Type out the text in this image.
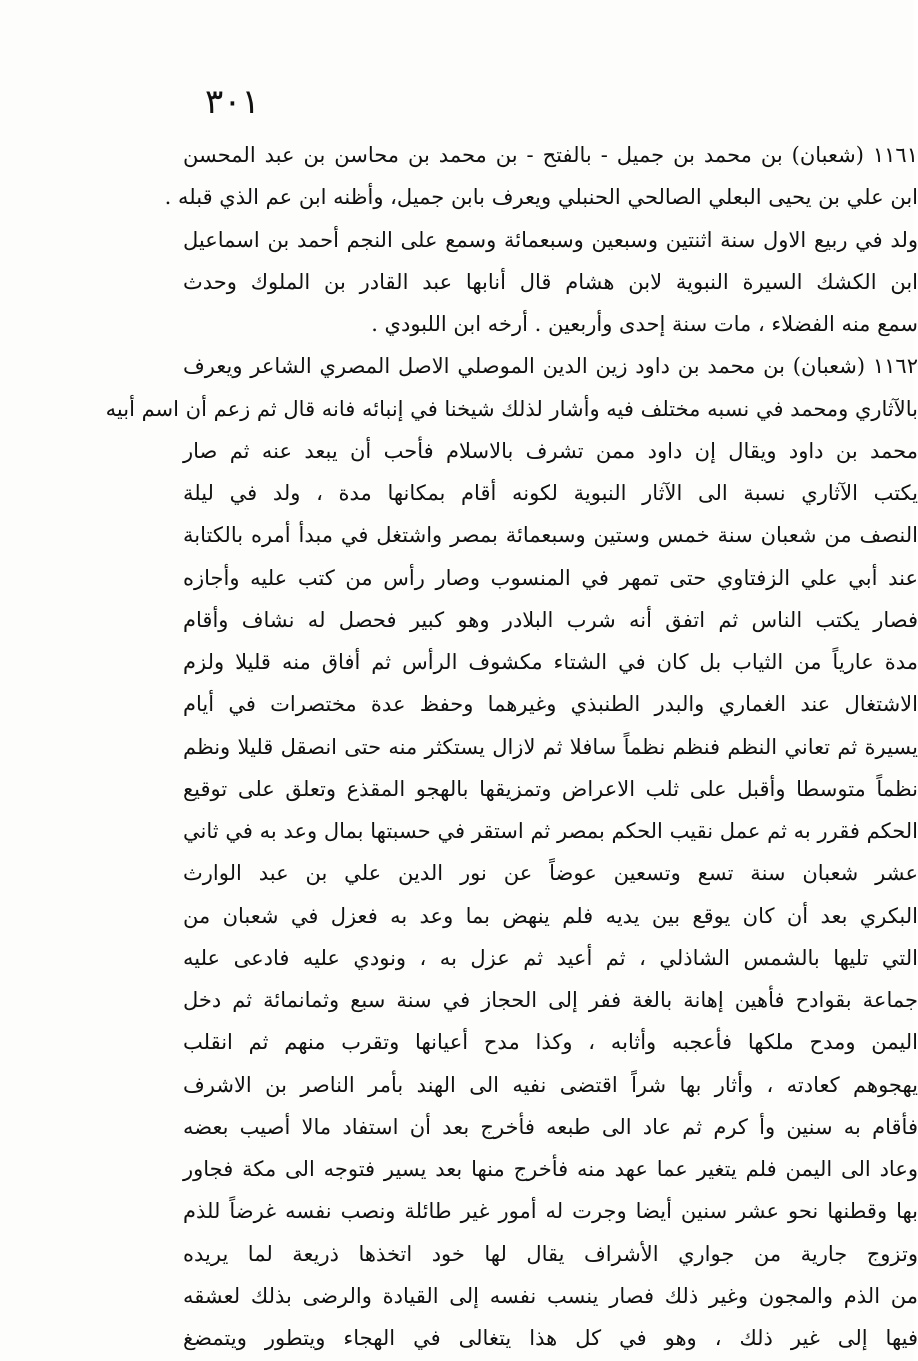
٣٠١
١١٦١ (شعبان) بن محمد بن جميل - بالفتح - بن محمد بن محاسن بن عبد المحسن
ابن علي بن يحيى البعلي الصالحي الحنبلي ويعرف بابن جميل، وأظنه ابن عم الذي قبله .
ولد في ربيع الاول سنة اثنتين وسبعين وسبعمائة وسمع على النجم أحمد بن اسماعيل
ابن الكشك السيرة النبوية لابن هشام قال أنابها عبد القادر بن الملوك وحدث
سمع منه الفضلاء ، مات سنة إحدى وأربعين . أرخه ابن اللبودي .
١١٦٢ (شعبان) بن محمد بن داود زين الدين الموصلي الاصل المصري الشاعر ويعرف
بالآثاري ومحمد في نسبه مختلف فيه وأشار لذلك شيخنا في إنبائه فانه قال ثم زعم أن اسم أبيه
محمد بن داود ويقال إن داود ممن تشرف بالاسلام فأحب أن يبعد عنه ثم صار
يكتب الآثاري نسبة الى الآثار النبوية لكونه أقام بمكانها مدة ، ولد في ليلة
النصف من شعبان سنة خمس وستين وسبعمائة بمصر واشتغل في مبدأ أمره بالكتابة
عند أبي علي الزفتاوي حتى تمهر في المنسوب وصار رأس من كتب عليه وأجازه
فصار يكتب الناس ثم اتفق أنه شرب البلادر وهو كبير فحصل له نشاف وأقام
مدة عارياً من الثياب بل كان في الشتاء مكشوف الرأس ثم أفاق منه قليلا ولزم
الاشتغال عند الغماري والبدر الطنبذي وغيرهما وحفظ عدة مختصرات في أيام
يسيرة ثم تعاني النظم فنظم نظماً سافلا ثم لازال يستكثر منه حتى انصقل قليلا ونظم
نظماً متوسطا وأقبل على ثلب الاعراض وتمزيقها بالهجو المقذع وتعلق على توقيع
الحكم فقرر به ثم عمل نقيب الحكم بمصر ثم استقر في حسبتها بمال وعد به في ثاني
عشر شعبان سنة تسع وتسعين عوضاً عن نور الدين علي بن عبد الوارث
البكري بعد أن كان يوقع بين يديه فلم ينهض بما وعد به فعزل في شعبان من
التي تليها بالشمس الشاذلي ، ثم أعيد ثم عزل به ، ونودي عليه فادعى عليه
جماعة بقوادح فأهين إهانة بالغة ففر إلى الحجاز في سنة سبع وثمانمائة ثم دخل
اليمن ومدح ملكها فأعجبه وأثابه ، وكذا مدح أعيانها وتقرب منهم ثم انقلب
يهجوهم كعادته ، وأثار بها شراً اقتضى نفيه الى الهند بأمر الناصر بن الاشرف
فأقام به سنين وأ كرم ثم عاد الى طبعه فأخرج بعد أن استفاد مالا أصيب بعضه
وعاد الى اليمن فلم يتغير عما عهد منه فأخرج منها بعد يسير فتوجه الى مكة فجاور
بها وقطنها نحو عشر سنين أيضا وجرت له أمور غير طائلة ونصب نفسه غرضاً للذم
وتزوج جارية من جواري الأشراف يقال لها خود اتخذها ذريعة لما يريده
من الذم والمجون وغير ذلك فصار ينسب نفسه إلى القيادة والرضى بذلك لعشقه
فيها إلى غير ذلك ، وهو في كل هذا يتغالى في الهجاء ويتطور ويتمضغ
